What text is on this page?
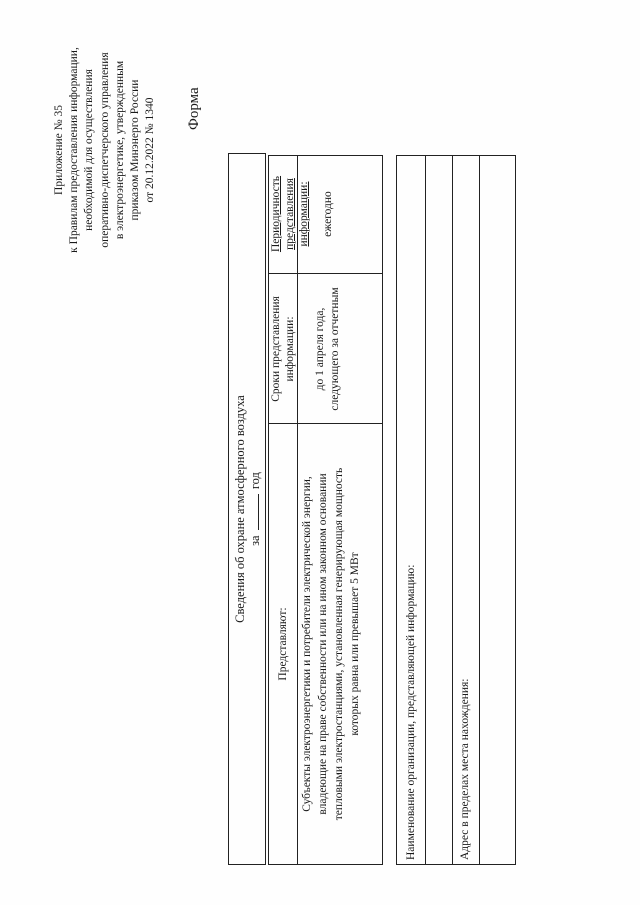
Приложение № 35 к Правилам предоставления информации, необходимой для осуществления оперативно-диспетчерского управления в электроэнергетике, утвержденным приказом Минэнерго России от 20.12.2022 № 1340 Форма
Сведения об охране атмосферного воздуха за  год
Представляют:
Сроки представления информации:
Периодичность представления информации:
Субъекты электроэнергетики и потребители электрической энергии, владеющие на праве собственности или на ином законном основании тепловыми электростанциями, установленная генерирующая мощность которых равна или превышает 5 МВт
до 1 апреля года, следующего за отчетным
ежегодно
Наименование организации, представляющей информацию:	Адрес в пределах места нахождения:
